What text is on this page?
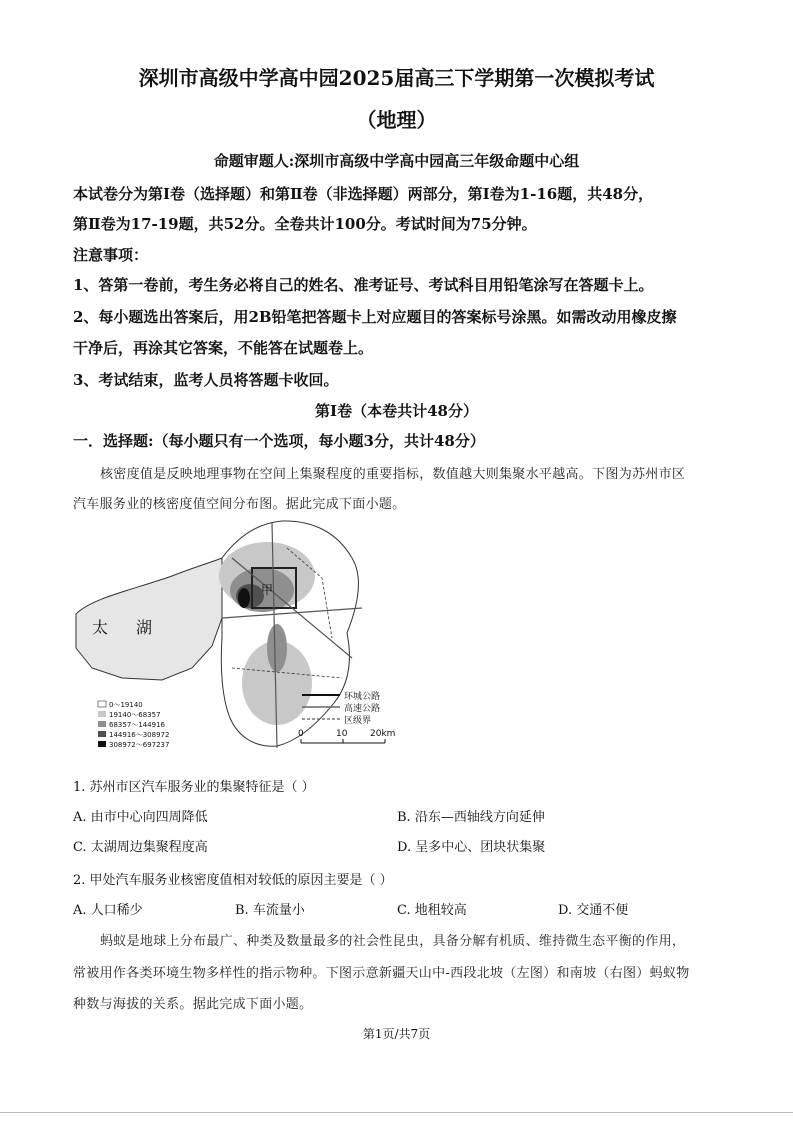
深圳市高级中学高中园2025届高三下学期第一次模拟考试
（地理）
命题审题人:深圳市高级中学高中园高三年级命题中心组
本试卷分为第Ⅰ卷（选择题）和第Ⅱ卷（非选择题）两部分，第Ⅰ卷为1-16题，共48分，
第Ⅱ卷为17-19题，共52分。全卷共计100分。考试时间为75分钟。
注意事项：
1、答第一卷前，考生务必将自己的姓名、准考证号、考试科目用铅笔涂写在答题卡上。
2、每小题选出答案后，用2B铅笔把答题卡上对应题目的答案标号涂黑。如需改动用橡皮擦
干净后，再涂其它答案，不能答在试题卷上。
3、考试结束，监考人员将答题卡收回。
第Ⅰ卷（本卷共计48分）
一．选择题:（每小题只有一个选项，每小题3分，共计48分）
核密度值是反映地理事物在空间上集聚程度的重要指标，数值越大则集聚水平越高。下图为苏州市区
汽车服务业的核密度值空间分布图。据此完成下面小题。
太 湖
甲
0～19140
19140～68357
68357～144916
144916～308972
308972～697237
环城公路
高速公路
区级界
0	10	20km
1. 苏州市区汽车服务业的集聚特征是（ ）
A. 由市中心向四周降低	B. 沿东—西轴线方向延伸
C. 太湖周边集聚程度高	D. 呈多中心、团块状集聚
2. 甲处汽车服务业核密度值相对较低的原因主要是（ ）
A. 人口稀少	B. 车流量小	C. 地租较高	D. 交通不便
蚂蚁是地球上分布最广、种类及数量最多的社会性昆虫，具备分解有机质、维持微生态平衡的作用，
常被用作各类环境生物多样性的指示物种。下图示意新疆天山中-西段北坡（左图）和南坡（右图）蚂蚁物
种数与海拔的关系。据此完成下面小题。
第1页/共7页
